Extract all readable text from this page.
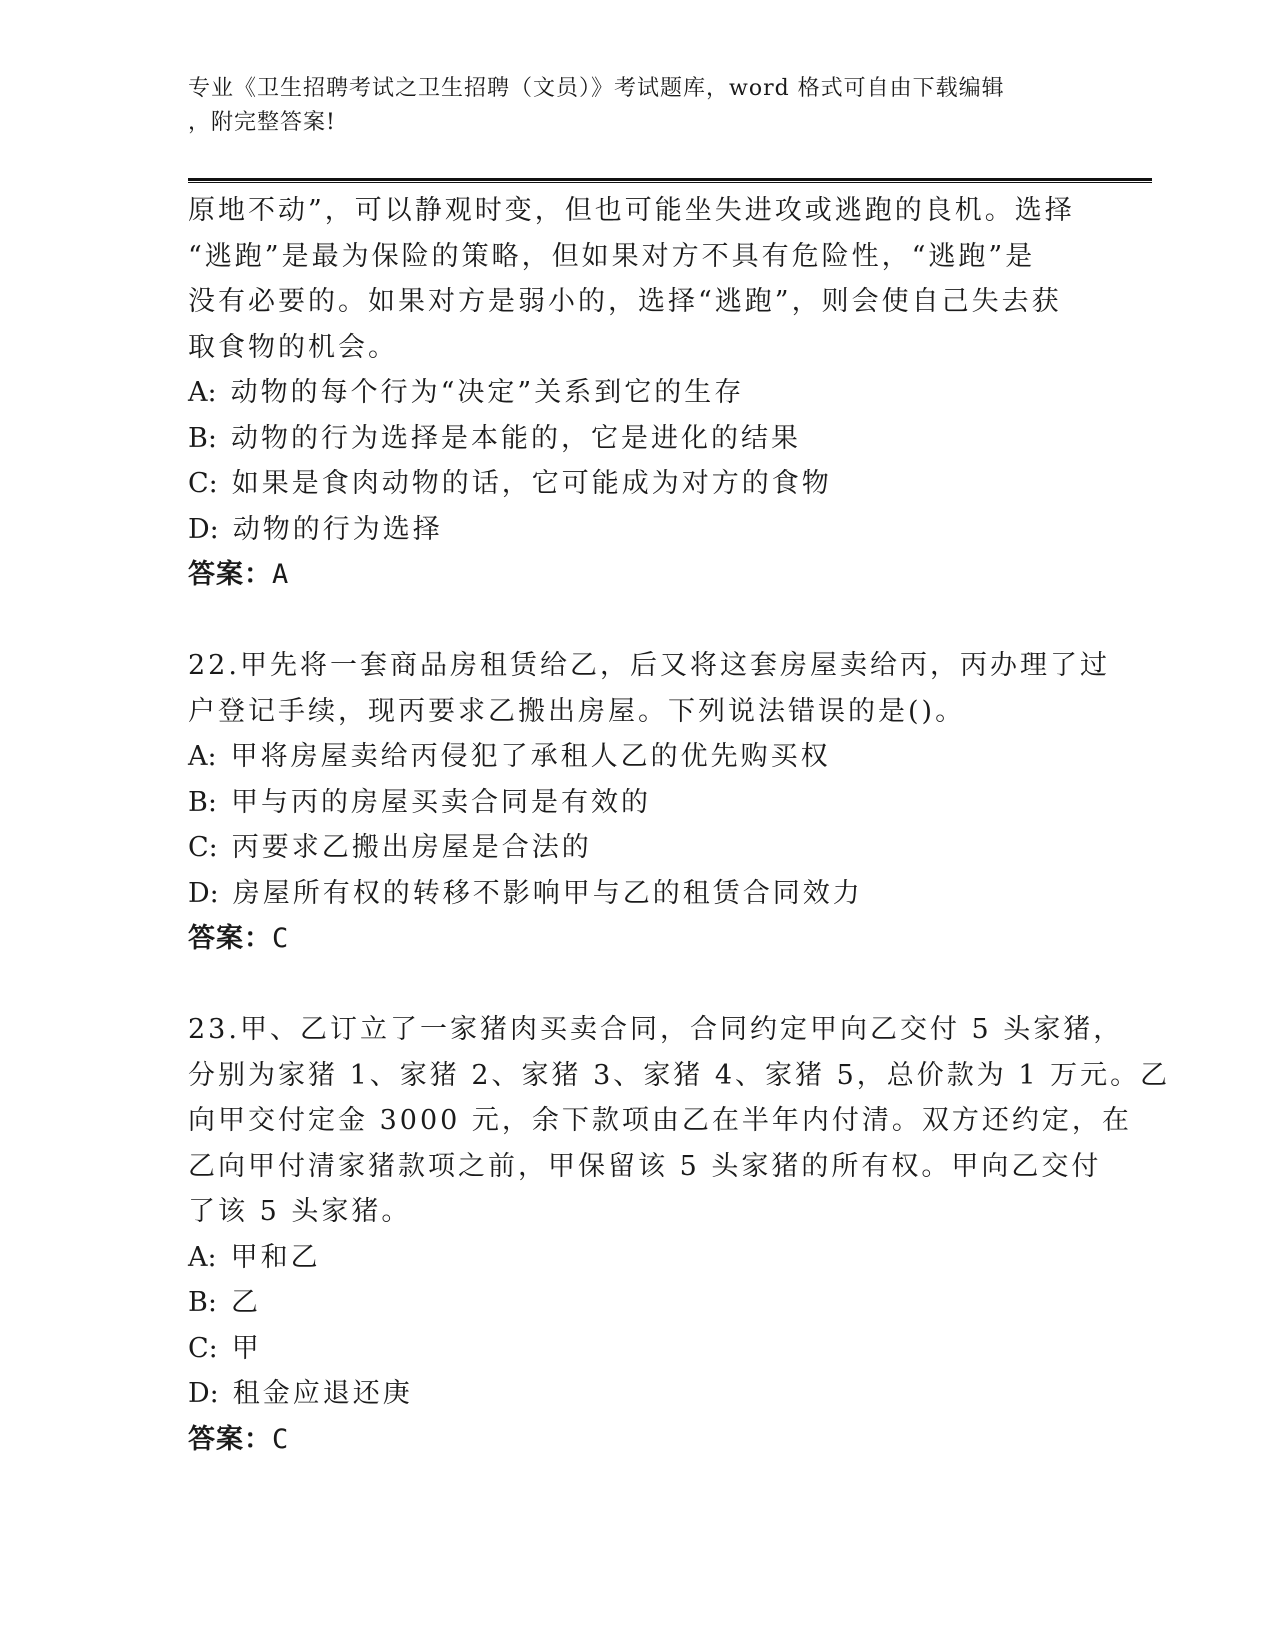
专业《卫生招聘考试之卫生招聘（文员）》考试题库，word 格式可自由下载编辑
，附完整答案!
原地不动”，可以静观时变，但也可能坐失进攻或逃跑的良机。选择
“逃跑”是最为保险的策略，但如果对方不具有危险性，“逃跑”是
没有必要的。如果对方是弱小的，选择“逃跑”，则会使自己失去获
取食物的机会。
A: 动物的每个行为“决定”关系到它的生存
B: 动物的行为选择是本能的，它是进化的结果
C: 如果是食肉动物的话，它可能成为对方的食物
D: 动物的行为选择
答案：A
22.甲先将一套商品房租赁给乙，后又将这套房屋卖给丙，丙办理了过
户登记手续，现丙要求乙搬出房屋。下列说法错误的是()。
A: 甲将房屋卖给丙侵犯了承租人乙的优先购买权
B: 甲与丙的房屋买卖合同是有效的
C: 丙要求乙搬出房屋是合法的
D: 房屋所有权的转移不影响甲与乙的租赁合同效力
答案：C
23.甲、乙订立了一家猪肉买卖合同，合同约定甲向乙交付 5 头家猪，
分别为家猪 1、家猪 2、家猪 3、家猪 4、家猪 5，总价款为 1 万元。乙
向甲交付定金 3000 元，余下款项由乙在半年内付清。双方还约定，在
乙向甲付清家猪款项之前，甲保留该 5 头家猪的所有权。甲向乙交付
了该 5 头家猪。
A: 甲和乙
B: 乙
C: 甲
D: 租金应退还庚
答案：C
